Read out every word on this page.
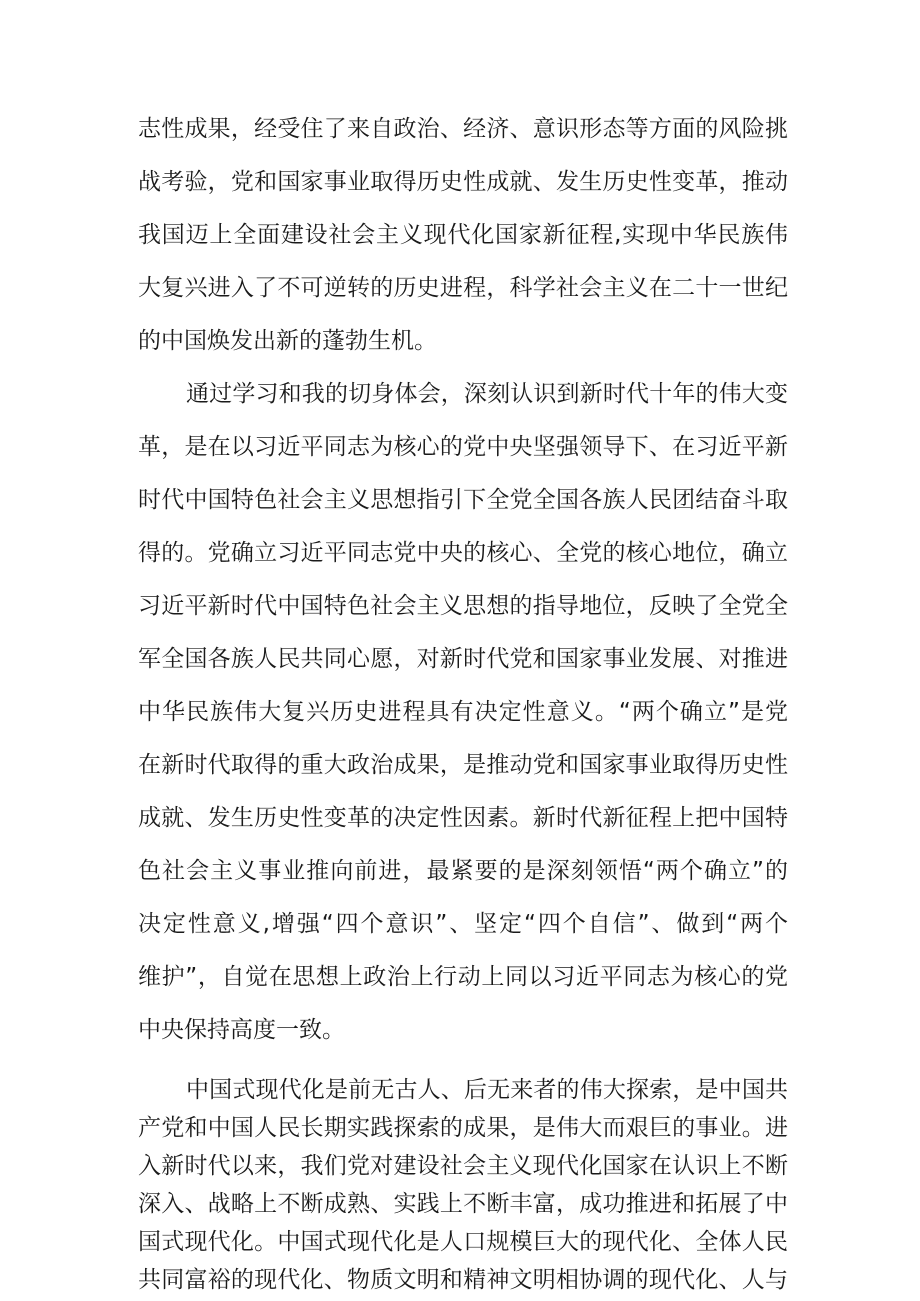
志性成果，经受住了来自政治、经济、意识形态等方面的风险挑
战考验，党和国家事业取得历史性成就、发生历史性变革，推动
我国迈上全面建设社会主义现代化国家新征程,实现中华民族伟
大复兴进入了不可逆转的历史进程，科学社会主义在二十一世纪
的中国焕发出新的蓬勃生机。
通过学习和我的切身体会，深刻认识到新时代十年的伟大变
革，是在以习近平同志为核心的党中央坚强领导下、在习近平新
时代中国特色社会主义思想指引下全党全国各族人民团结奋斗取
得的。党确立习近平同志党中央的核心、全党的核心地位，确立
习近平新时代中国特色社会主义思想的指导地位，反映了全党全
军全国各族人民共同心愿，对新时代党和国家事业发展、对推进
中华民族伟大复兴历史进程具有决定性意义。“两个确立”是党
在新时代取得的重大政治成果，是推动党和国家事业取得历史性
成就、发生历史性变革的决定性因素。新时代新征程上把中国特
色社会主义事业推向前进，最紧要的是深刻领悟“两个确立”的
决定性意义,增强“四个意识”、坚定“四个自信”、做到“两个
维护”，自觉在思想上政治上行动上同以习近平同志为核心的党
中央保持高度一致。
中国式现代化是前无古人、后无来者的伟大探索，是中国共
产党和中国人民长期实践探索的成果，是伟大而艰巨的事业。进
入新时代以来，我们党对建设社会主义现代化国家在认识上不断
深入、战略上不断成熟、实践上不断丰富，成功推进和拓展了中
国式现代化。中国式现代化是人口规模巨大的现代化、全体人民
共同富裕的现代化、物质文明和精神文明相协调的现代化、人与
